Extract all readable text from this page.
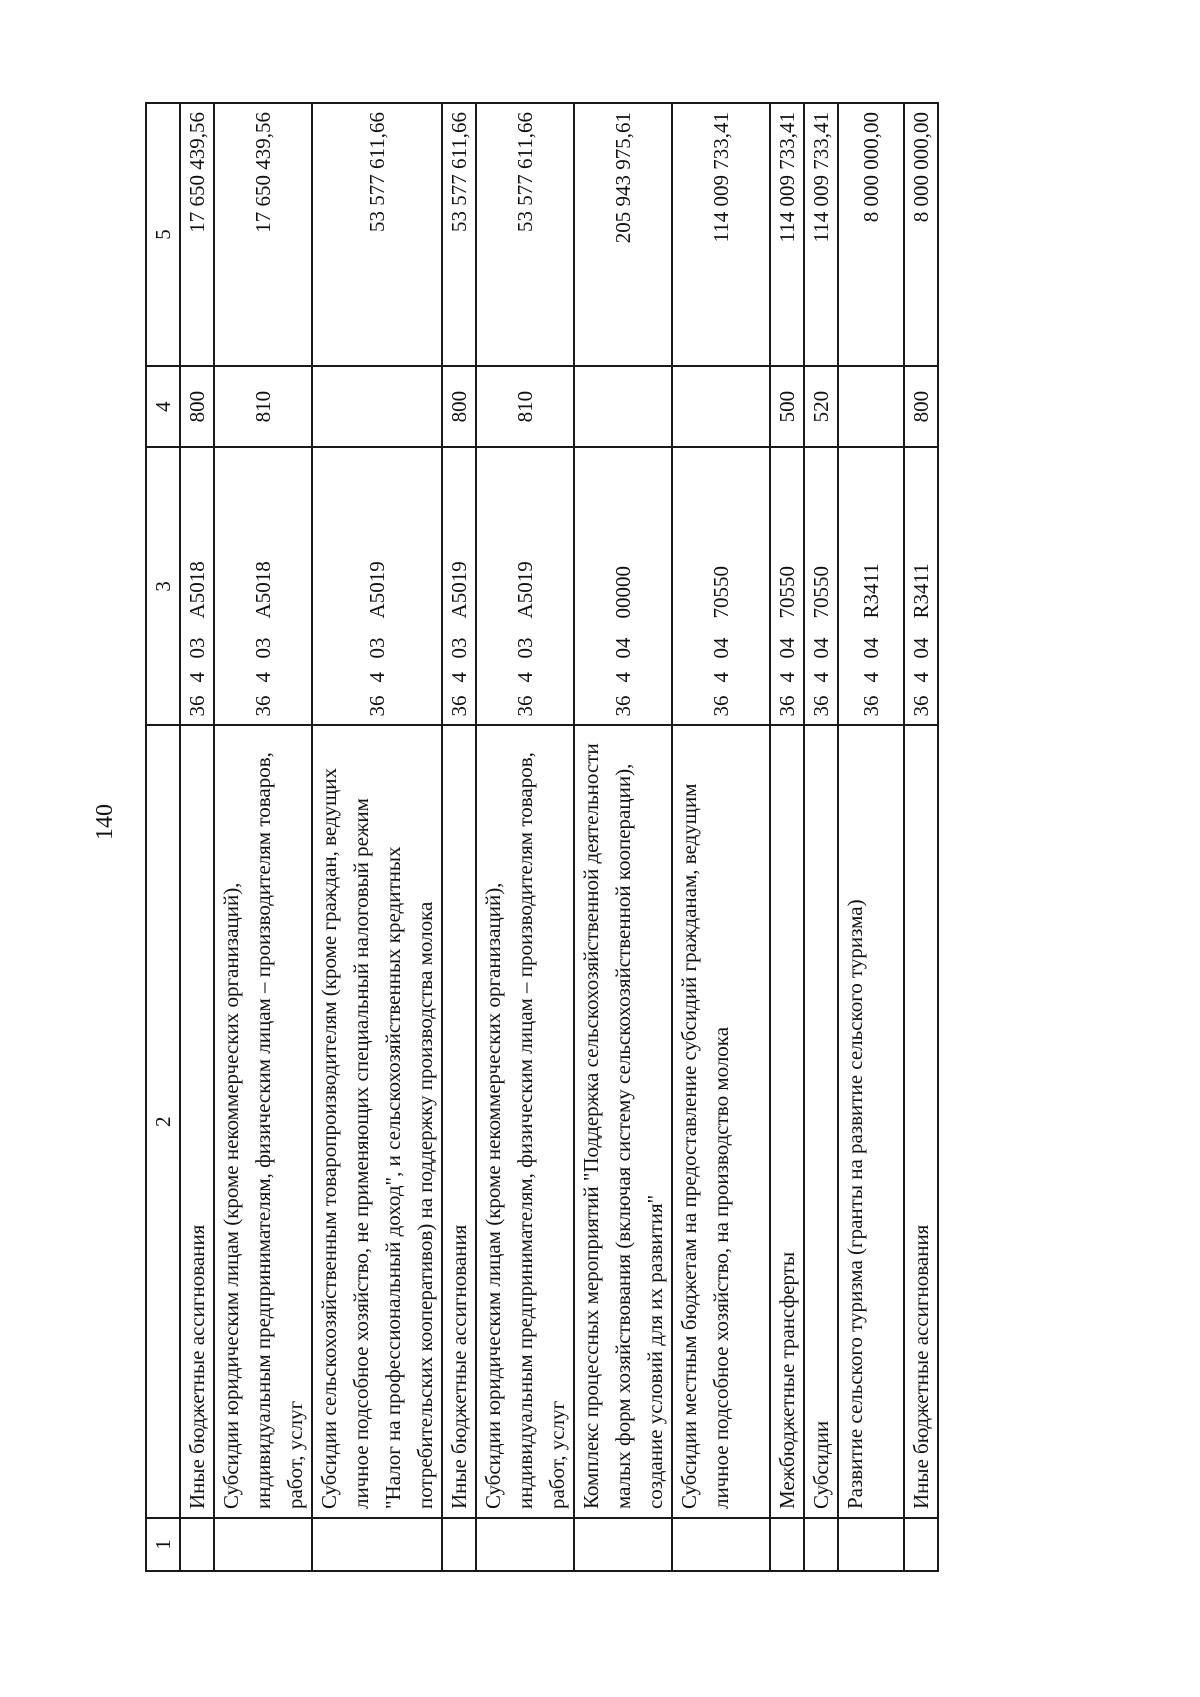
140
1	2	3	4	5
	Иные бюджетные ассигнования	36403A5018	800	17 650 439,56
	Субсидии юридическим лицам (кроме некоммерческих организаций), индивидуальным предпринимателям, физическим лицам – производителям товаров, работ, услуг	36403A5018	810	17 650 439,56
	Субсидии сельскохозяйственным товаропроизводителям (кроме граждан, ведущих личное подсобное хозяйство, не применяющих специальный налоговый режим "Налог на профессиональный доход", и сельскохозяйственных кредитных потребительских кооперативов) на поддержку производства молока	36403A5019		53 577 611,66
	Иные бюджетные ассигнования	36403A5019	800	53 577 611,66
	Субсидии юридическим лицам (кроме некоммерческих организаций), индивидуальным предпринимателям, физическим лицам – производителям товаров, работ, услуг	36403A5019	810	53 577 611,66
	Комплекс процессных мероприятий "Поддержка сельскохозяйственной деятельности малых форм хозяйствования (включая систему сельскохозяйственной кооперации), создание условий для их развития"	3640400000		205 943 975,61
	Субсидии местным бюджетам на предоставление субсидий гражданам, ведущим личное подсобное хозяйство, на производство молока	3640470550		114 009 733,41
	Межбюджетные трансферты	3640470550	500	114 009 733,41
	Субсидии	3640470550	520	114 009 733,41
	Развитие сельского туризма (гранты на развитие сельского туризма)	36404R3411		8 000 000,00
	Иные бюджетные ассигнования	36404R3411	800	8 000 000,00
